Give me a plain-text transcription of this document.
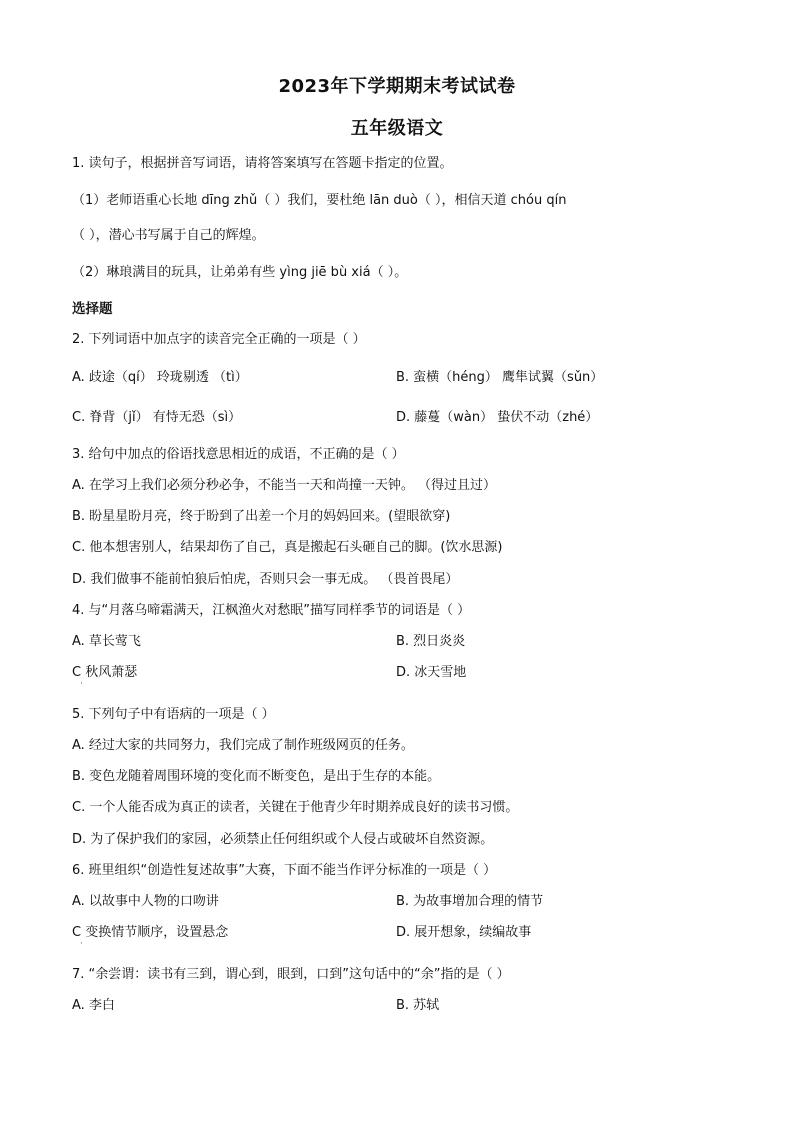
2023年下学期期末考试试卷
五年级语文
1. 读句子，根据拼音写词语，请将答案填写在答题卡指定的位置。
（1）老师语重心长地 dīng zhǔ（ ）我们，要杜绝 lān duò（ ），相信天道 chóu qín
（ ），潜心书写属于自己的辉煌。
（2）琳琅满目的玩具，让弟弟有些 yìng jiē bù xiá（ ）。
选择题
2. 下列词语中加点字的读音完全正确的一项是（ ）
A. 歧途（qí） 玲珑剔透 （tì）	B. 蛮横（héng） 鹰隼试翼（sǔn）
C. 脊背（jǐ） 有恃无恐（sì）	D. 藤蔓（wàn） 蛰伏不动（zhé）
3. 给句中加点的俗语找意思相近的成语，不正确的是（ ）
A. 在学习上我们必须分秒必争，不能当一天和尚撞一天钟。 （得过且过）
B. 盼星星盼月亮，终于盼到了出差一个月的妈妈回来。(望眼欲穿)
C. 他本想害别人，结果却伤了自己，真是搬起石头砸自己的脚。(饮水思源)
D. 我们做事不能前怕狼后怕虎，否则只会一事无成。 （畏首畏尾）
4. 与“月落乌啼霜满天，江枫渔火对愁眠”描写同样季节的词语是（ ）
A. 草长莺飞	B. 烈日炎炎
C 秋风萧瑟	D. 冰天雪地
·
5. 下列句子中有语病的一项是（ ）
A. 经过大家的共同努力，我们完成了制作班级网页的任务。
B. 变色龙随着周围环境的变化而不断变色，是出于生存的本能。
C. 一个人能否成为真正的读者，关键在于他青少年时期养成良好的读书习惯。
D. 为了保护我们的家园，必须禁止任何组织或个人侵占或破坏自然资源。
6. 班里组织“创造性复述故事”大赛，下面不能当作评分标准的一项是（ ）
A. 以故事中人物的口吻讲	B. 为故事增加合理的情节
C 变换情节顺序，设置悬念	D. 展开想象，续编故事
·
7. “余尝谓：读书有三到，谓心到，眼到，口到”这句话中的“余”指的是（ ）
A. 李白	B. 苏轼
